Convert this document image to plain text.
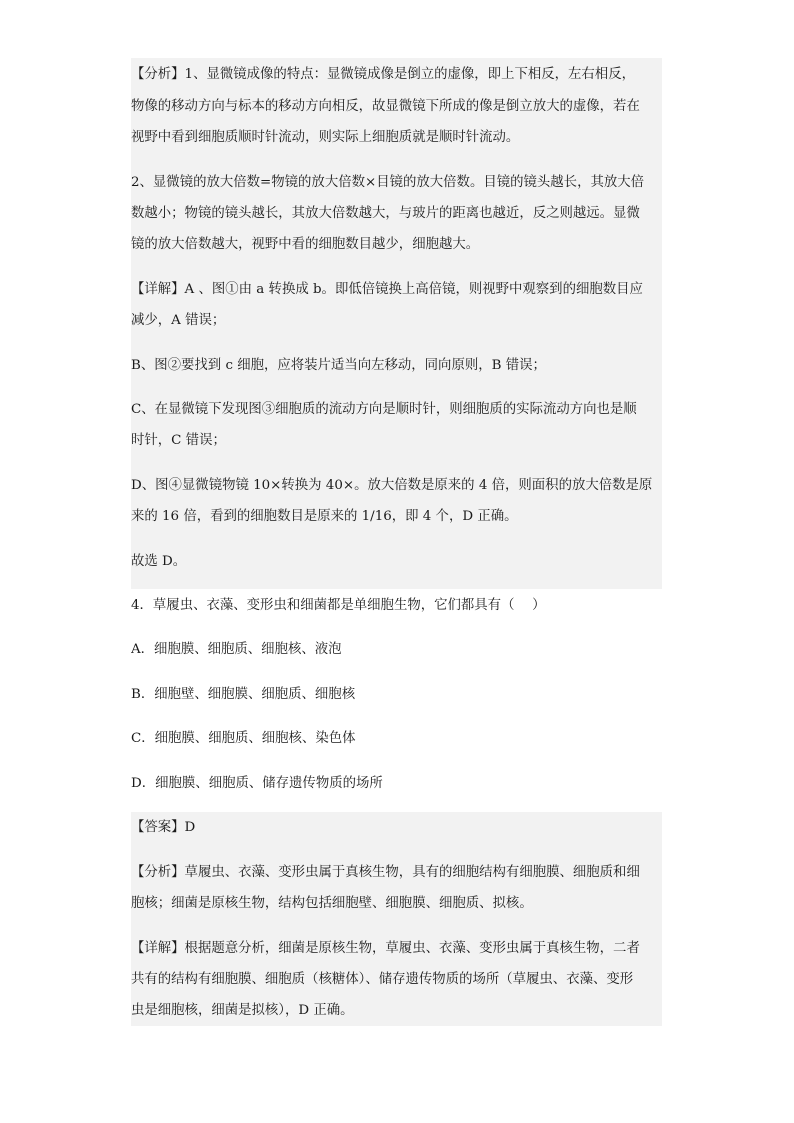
【分析】1、显微镜成像的特点：显微镜成像是倒立的虚像，即上下相反，左右相反，

物像的移动方向与标本的移动方向相反，故显微镜下所成的像是倒立放大的虚像，若在

视野中看到细胞质顺时针流动，则实际上细胞质就是顺时针流动。

2、显微镜的放大倍数=物镜的放大倍数×目镜的放大倍数。目镜的镜头越长，其放大倍

数越小；物镜的镜头越长，其放大倍数越大，与玻片的距离也越近，反之则越远。显微

镜的放大倍数越大，视野中看的细胞数目越少，细胞越大。

【详解】A 、图①由 a 转换成 b。即低倍镜换上高倍镜，则视野中观察到的细胞数目应

减少，A 错误；

B、图②要找到 c 细胞，应将装片适当向左移动，同向原则，B 错误；

C、在显微镜下发现图③细胞质的流动方向是顺时针，则细胞质的实际流动方向也是顺

时针，C 错误；

D、图④显微镜物镜 10×转换为 40×。放大倍数是原来的 4 倍，则面积的放大倍数是原

来的 16 倍，看到的细胞数目是原来的 1/16，即 4 个，D 正确。

故选 D。

4．草履虫、衣藻、变形虫和细菌都是单细胞生物，它们都具有（　 ）

A．细胞膜、细胞质、细胞核、液泡

B．细胞壁、细胞膜、细胞质、细胞核

C．细胞膜、细胞质、细胞核、染色体

D．细胞膜、细胞质、储存遗传物质的场所

【答案】D

【分析】草履虫、衣藻、变形虫属于真核生物，具有的细胞结构有细胞膜、细胞质和细

胞核；细菌是原核生物，结构包括细胞壁、细胞膜、细胞质、拟核。

【详解】根据题意分析，细菌是原核生物，草履虫、衣藻、变形虫属于真核生物，二者

共有的结构有细胞膜、细胞质（核糖体）、储存遗传物质的场所（草履虫、衣藻、变形

虫是细胞核，细菌是拟核），D 正确。
